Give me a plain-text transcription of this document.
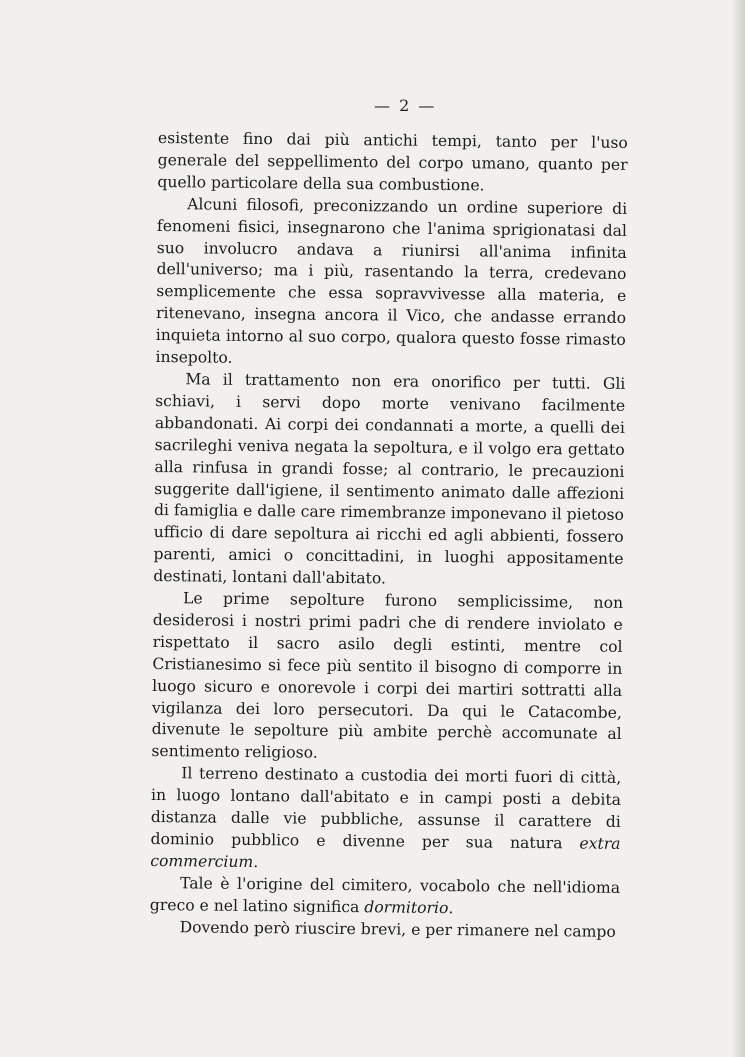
— 2 —

esistente fino dai più antichi tempi, tanto per l'uso generale del seppellimento del corpo umano, quanto per quello particolare della sua combustione.

Alcuni filosofi, preconizzando un ordine superiore di fenomeni fisici, insegnarono che l'anima sprigionatasi dal suo involucro andava a riunirsi all'anima infinita dell'universo; ma i più, rasentando la terra, credevano semplicemente che essa sopravvivesse alla materia, e ritenevano, insegna ancora il Vico, che andasse errando inquieta intorno al suo corpo, qualora questo fosse rimasto insepolto.

Ma il trattamento non era onorifico per tutti. Gli schiavi, i servi dopo morte venivano facilmente abbandonati. Ai corpi dei condannati a morte, a quelli dei sacrileghi veniva negata la sepoltura, e il volgo era gettato alla rinfusa in grandi fosse; al contrario, le precauzioni suggerite dall'igiene, il sentimento animato dalle affezioni di famiglia e dalle care rimembranze imponevano il pietoso ufficio di dare sepoltura ai ricchi ed agli abbienti, fossero parenti, amici o concittadini, in luoghi appositamente destinati, lontani dall'abitato.

Le prime sepolture furono semplicissime, non desiderosi i nostri primi padri che di rendere inviolato e rispettato il sacro asilo degli estinti, mentre col Cristianesimo si fece più sentito il bisogno di comporre in luogo sicuro e onorevole i corpi dei martiri sottratti alla vigilanza dei loro persecutori. Da qui le Catacombe, divenute le sepolture più ambite perchè accomunate al sentimento religioso.

Il terreno destinato a custodia dei morti fuori di città, in luogo lontano dall'abitato e in campi posti a debita distanza dalle vie pubbliche, assunse il carattere di dominio pubblico e divenne per sua natura extra commercium.

Tale è l'origine del cimitero, vocabolo che nell'idioma greco e nel latino significa dormitorio.

Dovendo però riuscire brevi, e per rimanere nel campo
